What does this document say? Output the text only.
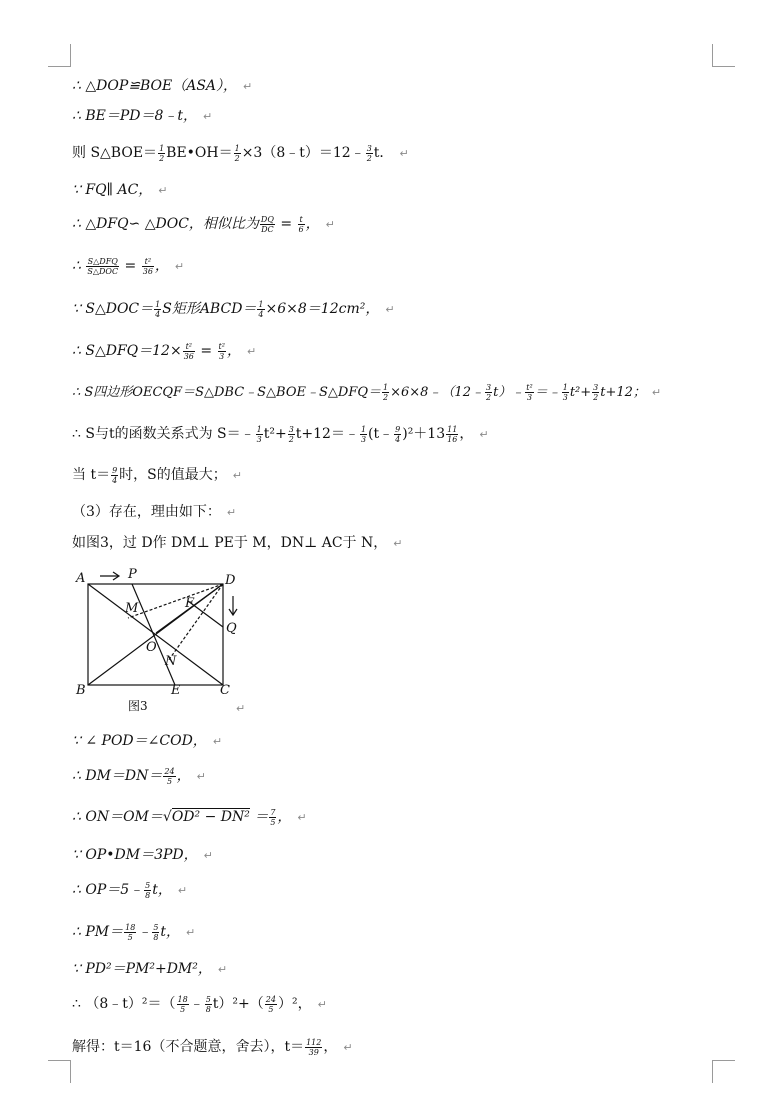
∴ △DOP≌BOE（ASA）， ↵
∴ BE＝PD＝8﹣t， ↵
则 S△BOE＝ $\frac{1}{2}$ BE•OH＝ $\frac{1}{2}$ ×3（8﹣t）＝12﹣ $\frac{3}{2}$ t． ↵
∵ FQ∥ AC， ↵
∴ △DFQ∽ △DOC，相似比为 $\frac{DQ}{DC} = \frac{t}{6}$ ， ↵
∴ $\frac{\text{S△DFQ}}{\text{S△DOC}} = \frac{\text{t²}}{36}$ ， ↵
∵ S△DOC＝ $\frac{1}{4}$ S矩形ABCD＝ $\frac{1}{4} \times 6\times 8=12cm^2$， ↵
∴ S△DFQ＝12× $\frac{\text{t²}}{36} = \frac{\text{t²}}{3}$ ， ↵
∴ S四边形OECQF＝S△DBC﹣S△BOE﹣S△DFQ＝ $\frac{1}{2}$ ×6×8﹣（12﹣ $\frac{3}{2}$ t）﹣ $\frac{\text{t²}}{3}$ ＝﹣ $\frac{1}{3} t^2+ \frac{3}{2} t+12$； ↵
∴ S与t的函数关系式为 S＝﹣ $\frac{1}{3} t^2+ \frac{3}{2}$ t+12＝﹣ $\frac{1}{3}$ (t﹣ $\frac{9}{4} )^2+13 \frac{11}{16}$ ， ↵
当 $t= \frac{9}{4}$ 时，S的值最大； ↵
（3）存在，理由如下： ↵
如图3，过 D作 DM⊥ PE于 M，DN⊥ AC于 N， ↵
A	P	D
M	F
Q
O
N
B	E	C
图3	↵
∵ ∠ POD＝∠COD， ↵
∴ $DM=DN= \frac{24}{5}$ ， ↵
∴ $ON=OM=√OD^2 - DN^2 = \frac{7}{5}$ ， ↵
∵ OP•DM＝3PD， ↵
∴ OP＝5﹣ $\frac{5}{8}$ t， ↵
∴ $PM= \frac{18}{5}$ ﹣ $\frac{5}{8}$ t， ↵
∵ PD²＝PM²+DM²， ↵
∴ （8﹣t）²＝（ $\frac{18}{5}$ ﹣ $\frac{5}{8} t)^2+( \frac{24}{5} )^2$， ↵
解得：t＝16（不合题意，舍去），$t= \frac{112}{39}$ ， ↵
